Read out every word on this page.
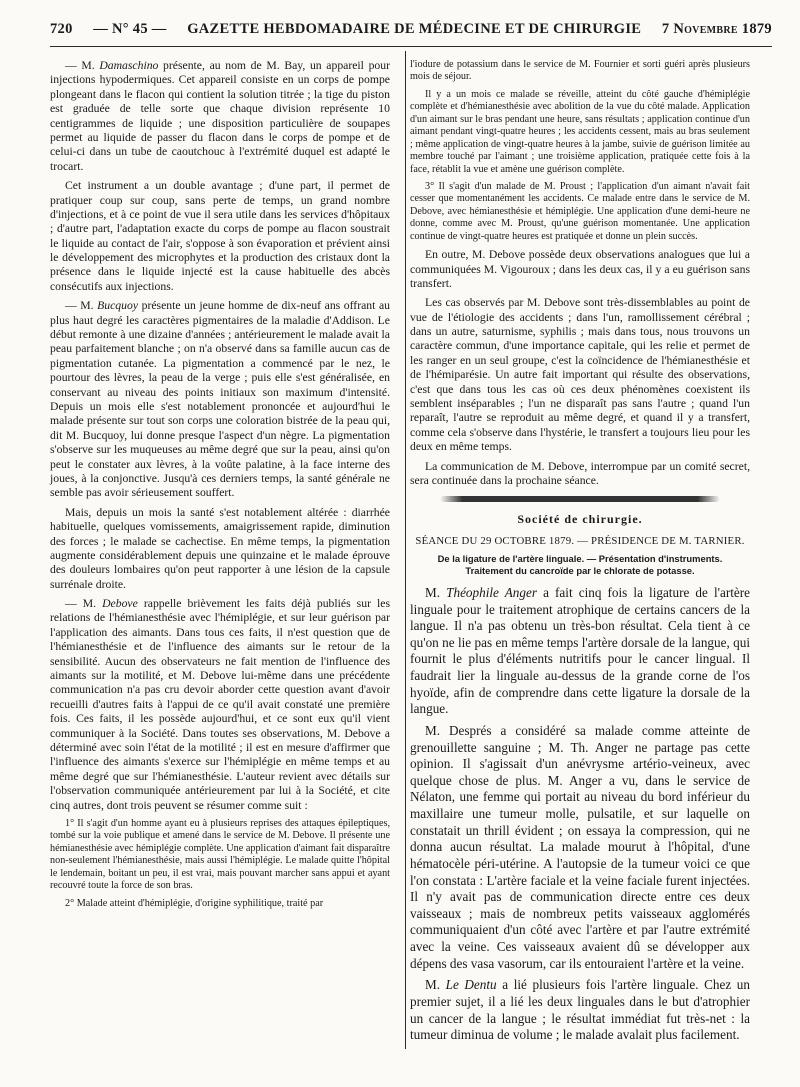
720 — N° 45 — GAZETTE HEBDOMADAIRE DE MÉDECINE ET DE CHIRURGIE 7 Novembre 1879

— M. Damaschino présente, au nom de M. Bay, un appareil pour injections hypodermiques. Cet appareil consiste en un corps de pompe plongeant dans le flacon qui contient la solution titrée ; la tige du piston est graduée de telle sorte que chaque division représente 10 centigrammes de liquide ; une disposition particulière de soupapes permet au liquide de passer du flacon dans le corps de pompe et de celui-ci dans un tube de caoutchouc à l'extrémité duquel est adapté le trocart.

Cet instrument a un double avantage ; d'une part, il permet de pratiquer coup sur coup, sans perte de temps, un grand nombre d'injections, et à ce point de vue il sera utile dans les services d'hôpitaux ; d'autre part, l'adaptation exacte du corps de pompe au flacon soustrait le liquide au contact de l'air, s'oppose à son évaporation et prévient ainsi le développement des microphytes et la production des cristaux dont la présence dans le liquide injecté est la cause habituelle des abcès consécutifs aux injections.

— M. Bucquoy présente un jeune homme de dix-neuf ans offrant au plus haut degré les caractères pigmentaires de la maladie d'Addison. Le début remonte à une dizaine d'années ; antérieurement le malade avait la peau parfaitement blanche ; on n'a observé dans sa famille aucun cas de pigmentation cutanée. La pigmentation a commencé par le nez, le pourtour des lèvres, la peau de la verge ; puis elle s'est généralisée, en conservant au niveau des points initiaux son maximum d'intensité. Depuis un mois elle s'est notablement prononcée et aujourd'hui le malade présente sur tout son corps une coloration bistrée de la peau qui, dit M. Bucquoy, lui donne presque l'aspect d'un nègre. La pigmentation s'observe sur les muqueuses au même degré que sur la peau, ainsi qu'on peut le constater aux lèvres, à la voûte palatine, à la face interne des joues, à la conjonctive. Jusqu'à ces derniers temps, la santé générale ne semble pas avoir sérieusement souffert.

Mais, depuis un mois la santé s'est notablement altérée : diarrhée habituelle, quelques vomissements, amaigrissement rapide, diminution des forces ; le malade se cachectise. En même temps, la pigmentation augmente considérablement depuis une quinzaine et le malade éprouve des douleurs lombaires qu'on peut rapporter à une lésion de la capsule surrénale droite.

— M. Debove rappelle brièvement les faits déjà publiés sur les relations de l'hémianesthésie avec l'hémiplégie, et sur leur guérison par l'application des aimants. Dans tous ces faits, il n'est question que de l'hémianesthésie et de l'influence des aimants sur le retour de la sensibilité. Aucun des observateurs ne fait mention de l'influence des aimants sur la motilité, et M. Debove lui-même dans une précédente communication n'a pas cru devoir aborder cette question avant d'avoir recueilli d'autres faits à l'appui de ce qu'il avait constaté une première fois. Ces faits, il les possède aujourd'hui, et ce sont eux qu'il vient communiquer à la Société. Dans toutes ses observations, M. Debove a déterminé avec soin l'état de la motilité ; il est en mesure d'affirmer que l'influence des aimants s'exerce sur l'hémiplégie en même temps et au même degré que sur l'hémianesthésie. L'auteur revient avec détails sur l'observation communiquée antérieurement par lui à la Société, et cite cinq autres, dont trois peuvent se résumer comme suit :

1° Il s'agit d'un homme ayant eu à plusieurs reprises des attaques épileptiques, tombé sur la voie publique et amené dans le service de M. Debove. Il présente une hémianesthésie avec hémiplégie complète. Une application d'aimant fait disparaître non-seulement l'hémianesthésie, mais aussi l'hémiplégie. Le malade quitte l'hôpital le lendemain, boitant un peu, il est vrai, mais pouvant marcher sans appui et ayant recouvré toute la force de son bras.

2° Malade atteint d'hémiplégie, d'origine syphilitique, traité par

l'iodure de potassium dans le service de M. Fournier et sorti guéri après plusieurs mois de séjour.

Il y a un mois ce malade se réveille, atteint du côté gauche d'hémiplégie complète et d'hémianesthésie avec abolition de la vue du côté malade. Application d'un aimant sur le bras pendant une heure, sans résultats ; application continue d'un aimant pendant vingt-quatre heures ; les accidents cessent, mais au bras seulement ; même application de vingt-quatre heures à la jambe, suivie de guérison limitée au membre touché par l'aimant ; une troisième application, pratiquée cette fois à la face, rétablit la vue et amène une guérison complète.

3° Il s'agit d'un malade de M. Proust ; l'application d'un aimant n'avait fait cesser que momentanément les accidents. Ce malade entre dans le service de M. Debove, avec hémianesthésie et hémiplégie. Une application d'une demi-heure ne donne, comme avec M. Proust, qu'une guérison momentanée. Une application continue de vingt-quatre heures est pratiquée et donne un plein succès.

En outre, M. Debove possède deux observations analogues que lui a communiquées M. Vigouroux ; dans les deux cas, il y a eu guérison sans transfert.

Les cas observés par M. Debove sont très-dissemblables au point de vue de l'étiologie des accidents ; dans l'un, ramollissement cérébral ; dans un autre, saturnisme, syphilis ; mais dans tous, nous trouvons un caractère commun, d'une importance capitale, qui les relie et permet de les ranger en un seul groupe, c'est la coïncidence de l'hémianesthésie et de l'hémiparésie. Un autre fait important qui résulte des observations, c'est que dans tous les cas où ces deux phénomènes coexistent ils semblent inséparables ; l'un ne disparaît pas sans l'autre ; quand l'un reparaît, l'autre se reproduit au même degré, et quand il y a transfert, comme cela s'observe dans l'hystérie, le transfert a toujours lieu pour les deux en même temps.

La communication de M. Debove, interrompue par un comité secret, sera continuée dans la prochaine séance.

Société de chirurgie.
SÉANCE DU 29 OCTOBRE 1879. — PRÉSIDENCE DE M. TARNIER.
De la ligature de l'artère linguale. — Présentation d'instruments.
Traitement du cancroïde par le chlorate de potasse.

M. Théophile Anger a fait cinq fois la ligature de l'artère linguale pour le traitement atrophique de certains cancers de la langue. Il n'a pas obtenu un très-bon résultat. Cela tient à ce qu'on ne lie pas en même temps l'artère dorsale de la langue, qui fournit le plus d'éléments nutritifs pour le cancer lingual. Il faudrait lier la linguale au-dessus de la grande corne de l'os hyoïde, afin de comprendre dans cette ligature la dorsale de la langue.

M. Després a considéré sa malade comme atteinte de grenouillette sanguine ; M. Th. Anger ne partage pas cette opinion. Il s'agissait d'un anévrysme artério-veineux, avec quelque chose de plus. M. Anger a vu, dans le service de Nélaton, une femme qui portait au niveau du bord inférieur du maxillaire une tumeur molle, pulsatile, et sur laquelle on constatait un thrill évident ; on essaya la compression, qui ne donna aucun résultat. La malade mourut à l'hôpital, d'une hématocèle péri-utérine. A l'autopsie de la tumeur voici ce que l'on constata : L'artère faciale et la veine faciale furent injectées. Il n'y avait pas de communication directe entre ces deux vaisseaux ; mais de nombreux petits vaisseaux agglomérés communiquaient d'un côté avec l'artère et par l'autre extrémité avec la veine. Ces vaisseaux avaient dû se développer aux dépens des vasa vasorum, car ils entouraient l'artère et la veine.

M. Le Dentu a lié plusieurs fois l'artère linguale. Chez un premier sujet, il a lié les deux linguales dans le but d'atrophier un cancer de la langue ; le résultat immédiat fut très-net : la tumeur diminua de volume ; le malade avalait plus facilement.
